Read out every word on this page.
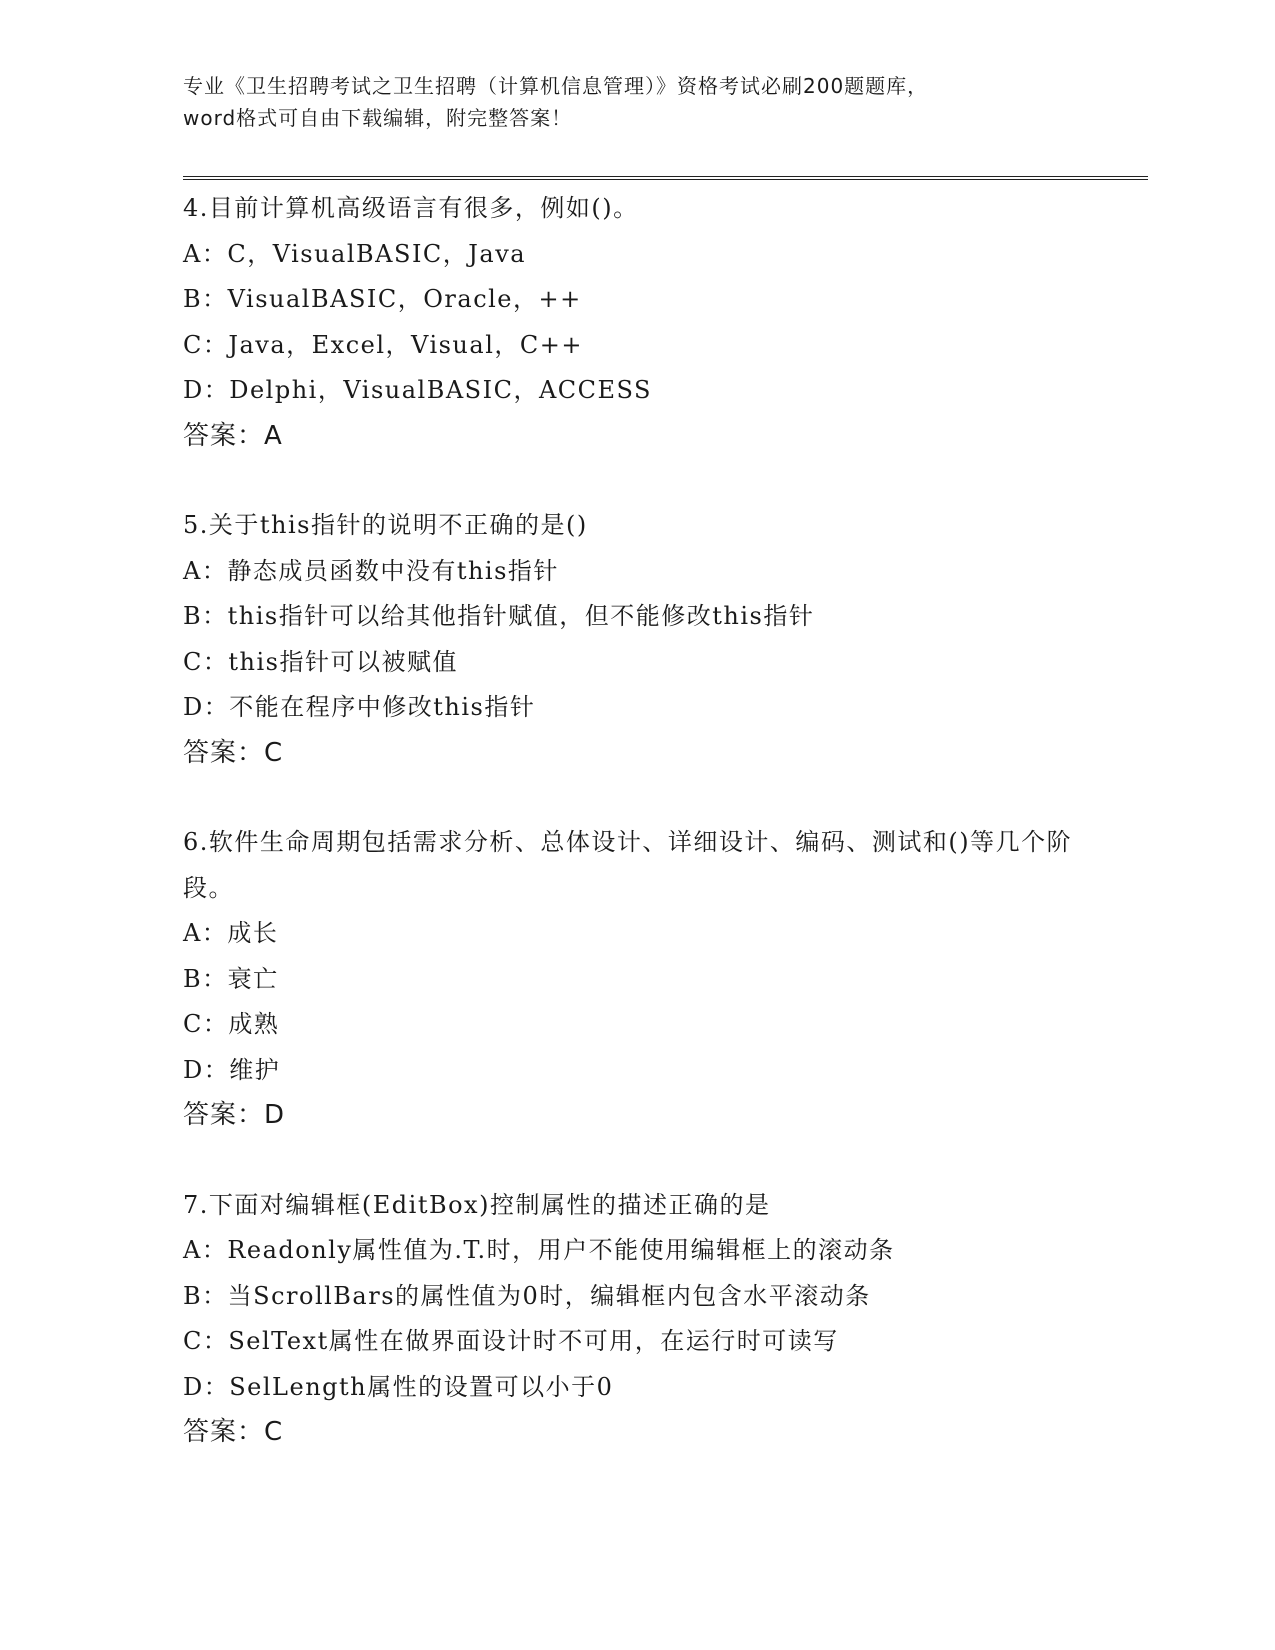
专业《卫生招聘考试之卫生招聘（计算机信息管理）》资格考试必刷200题题库，
word格式可自由下载编辑，附完整答案！
4.目前计算机高级语言有很多，例如()。
A：C，VisualBASIC，Java
B：VisualBASIC，Oracle，++
C：Java，Excel，Visual，C++
D：Delphi，VisualBASIC，ACCESS
答案：A
5.关于this指针的说明不正确的是()
A：静态成员函数中没有this指针
B：this指针可以给其他指针赋值，但不能修改this指针
C：this指针可以被赋值
D：不能在程序中修改this指针
答案：C
6.软件生命周期包括需求分析、总体设计、详细设计、编码、测试和()等几个阶段。
A：成长
B：衰亡
C：成熟
D：维护
答案：D
7.下面对编辑框(EditBox)控制属性的描述正确的是
A：Readonly属性值为.T.时，用户不能使用编辑框上的滚动条
B：当ScrollBars的属性值为0时，编辑框内包含水平滚动条
C：SelText属性在做界面设计时不可用，在运行时可读写
D：SelLength属性的设置可以小于0
答案：C
